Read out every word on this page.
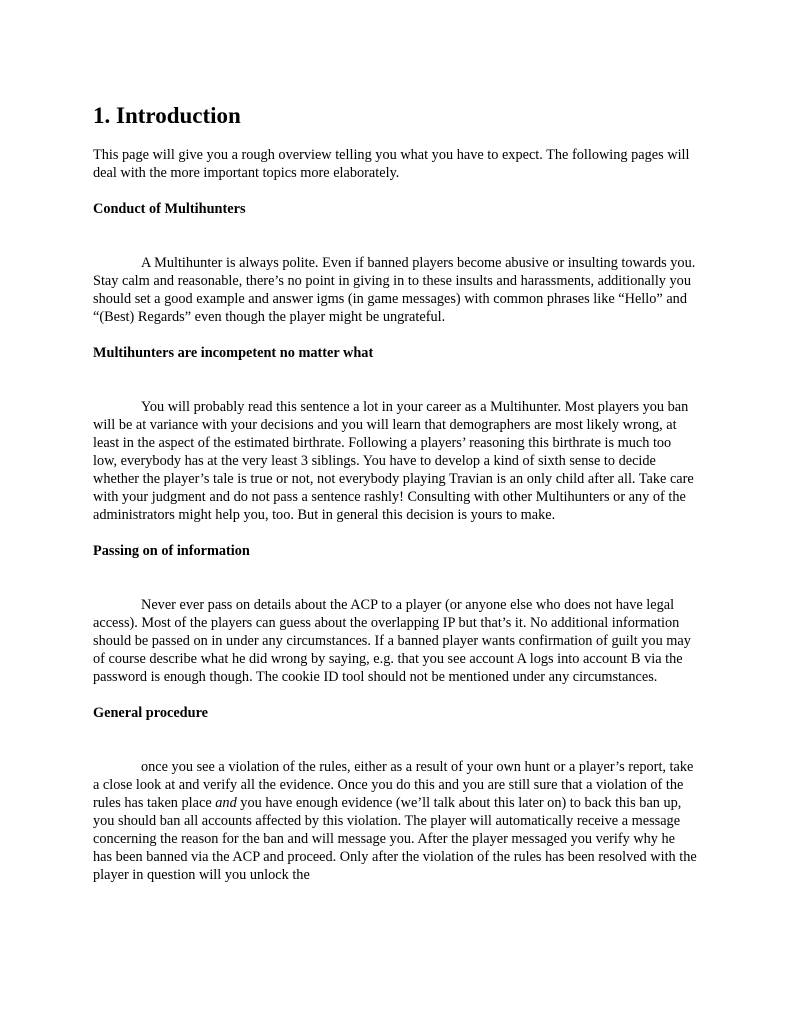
1. Introduction

This page will give you a rough overview telling you what you have to expect. The following pages will deal with the more important topics more elaborately.

Conduct of Multihunters

A Multihunter is always polite. Even if banned players become abusive or insulting towards you. Stay calm and reasonable, there’s no point in giving in to these insults and harassments, additionally you should set a good example and answer igms (in game messages) with common phrases like “Hello” and “(Best) Regards” even though the player might be ungrateful.

Multihunters are incompetent no matter what

You will probably read this sentence a lot in your career as a Multihunter. Most players you ban will be at variance with your decisions and you will learn that demographers are most likely wrong, at least in the aspect of the estimated birthrate. Following a players’ reasoning this birthrate is much too low, everybody has at the very least 3 siblings. You have to develop a kind of sixth sense to decide whether the player’s tale is true or not, not everybody playing Travian is an only child after all. Take care with your judgment and do not pass a sentence rashly! Consulting with other Multihunters or any of the administrators might help you, too. But in general this decision is yours to make.

Passing on of information

Never ever pass on details about the ACP to a player (or anyone else who does not have legal access). Most of the players can guess about the overlapping IP but that’s it. No additional information should be passed on in under any circumstances. If a banned player wants confirmation of guilt you may of course describe what he did wrong by saying, e.g. that you see account A logs into account B via the password is enough though. The cookie ID tool should not be mentioned under any circumstances.

General procedure

once you see a violation of the rules, either as a result of your own hunt or a player’s report, take a close look at and verify all the evidence. Once you do this and you are still sure that a violation of the rules has taken place and you have enough evidence (we’ll talk about this later on) to back this ban up, you should ban all accounts affected by this violation. The player will automatically receive a message concerning the reason for the ban and will message you. After the player messaged you verify why he has been banned via the ACP and proceed. Only after the violation of the rules has been resolved with the player in question will you unlock the
